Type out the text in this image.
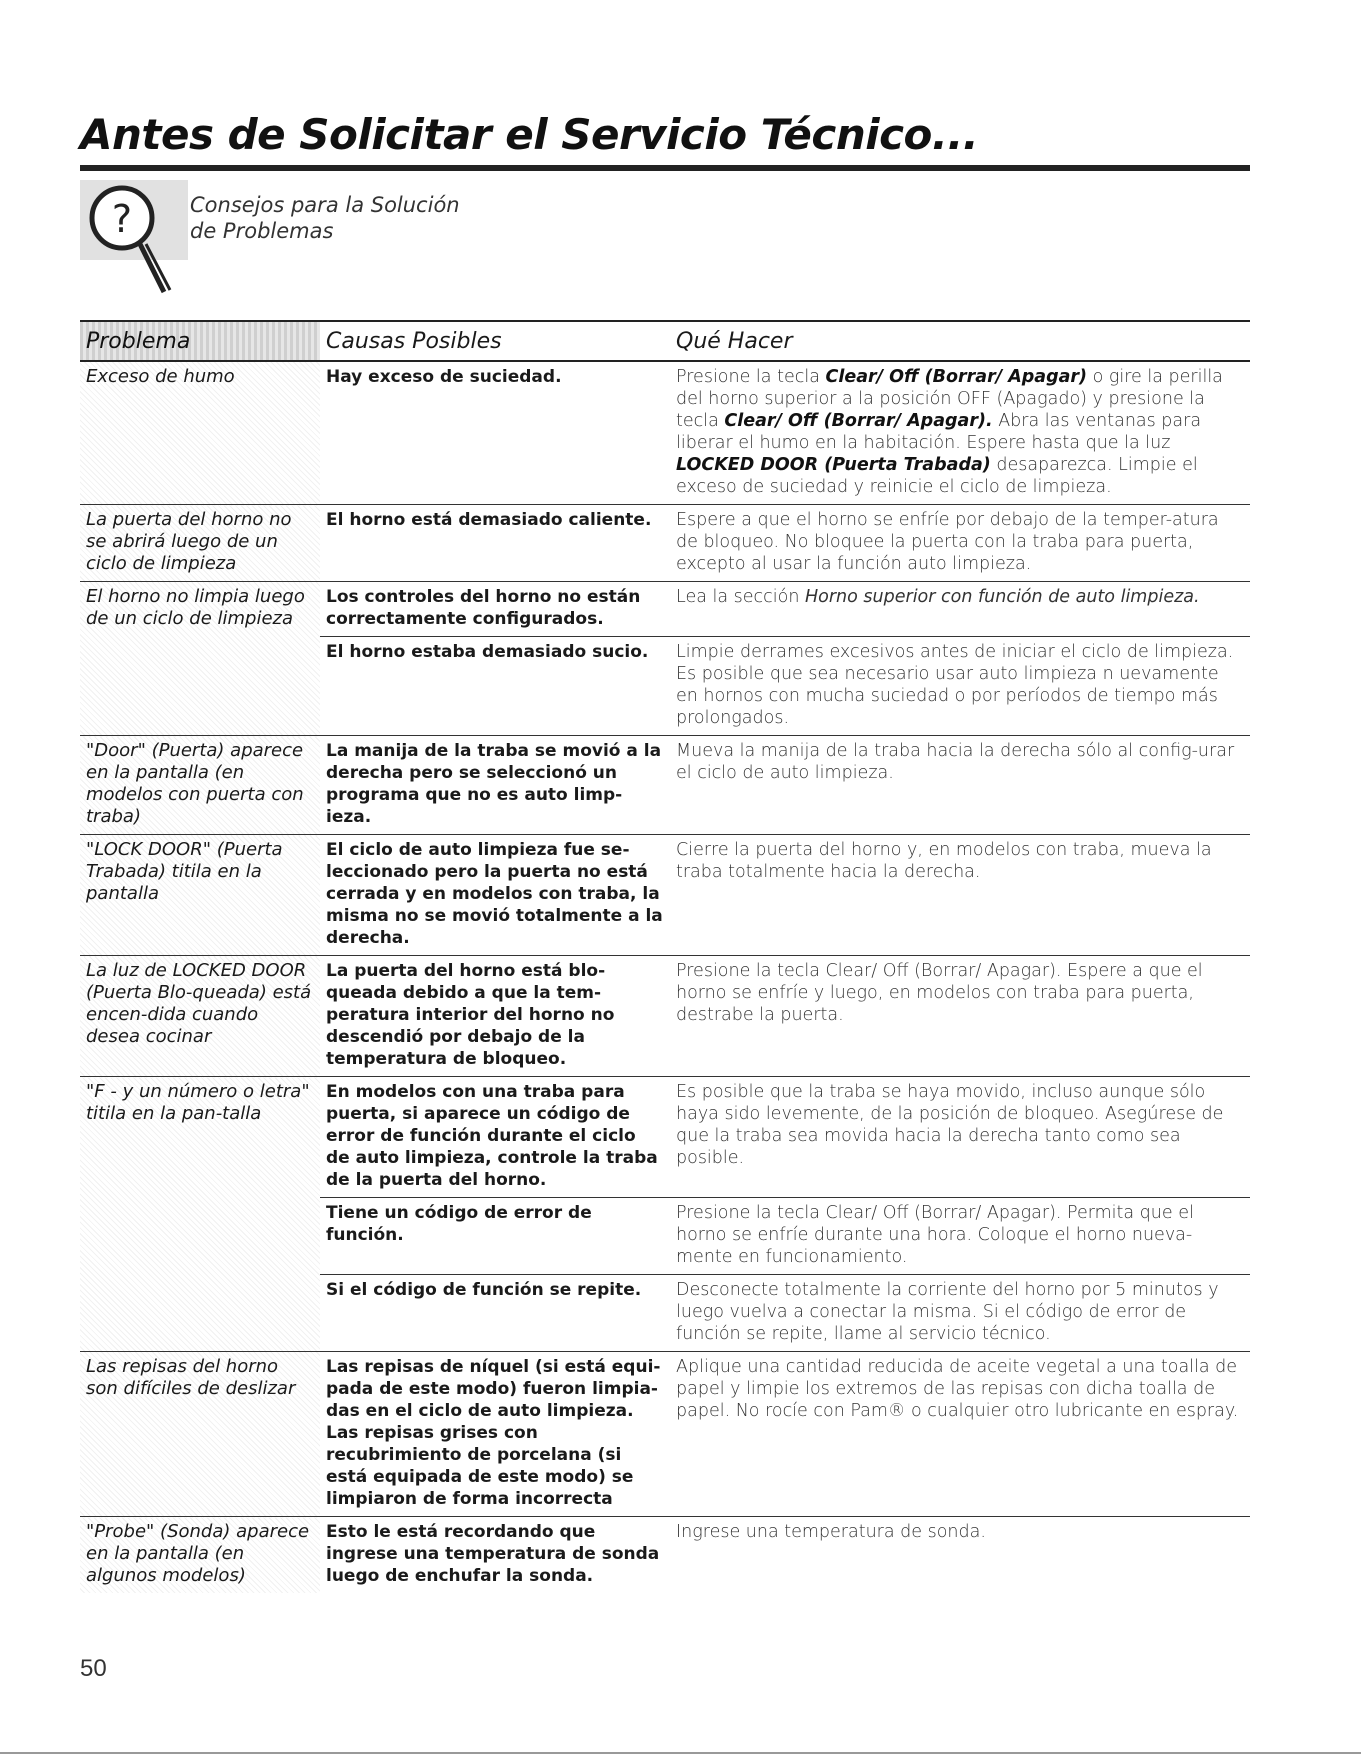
Antes de Solicitar el Servicio Técnico...
?	Consejos para la Solución
de Problemas
Problema	Causas Posibles	Qué Hacer
Exceso de humo	Hay exceso de suciedad.	Presione la tecla Clear/ Off (Borrar/ Apagar) o gire la perilla del horno superior a la posición OFF (Apagado) y presione la tecla Clear/ Off (Borrar/ Apagar). Abra las ventanas para liberar el humo en la habitación. Espere hasta que la luz LOCKED DOOR (Puerta Trabada) desaparezca. Limpie el exceso de suciedad y reinicie el ciclo de limpieza.
La puerta del horno no se abrirá luego de un ciclo de limpieza	El horno está demasiado caliente.	Espere a que el horno se enfríe por debajo de la temper-atura de bloqueo. No bloquee la puerta con la traba para puerta, excepto al usar la función auto limpieza.
El horno no limpia luego de un ciclo de limpieza	Los controles del horno no están correctamente configurados.	Lea la sección Horno superior con función de auto limpieza.
	El horno estaba demasiado sucio.	Limpie derrames excesivos antes de iniciar el ciclo de limpieza. Es posible que sea necesario usar auto limpieza n uevamente en hornos con mucha suciedad o por períodos de tiempo más prolongados.
"Door" (Puerta) aparece en la pantalla (en modelos con puerta con traba)	La manija de la traba se movió a la derecha pero se seleccionó un programa que no es auto limp-ieza.	Mueva la manija de la traba hacia la derecha sólo al config-urar el ciclo de auto limpieza.
"LOCK DOOR" (Puerta Trabada) titila en la pantalla	El ciclo de auto limpieza fue se-leccionado pero la puerta no está cerrada y en modelos con traba, la misma no se movió totalmente a la derecha.	Cierre la puerta del horno y, en modelos con traba, mueva la traba totalmente hacia la derecha.
La luz de LOCKED DOOR (Puerta Blo-queada) está encen-dida cuando desea cocinar	La puerta del horno está blo-queada debido a que la tem-peratura interior del horno no descendió por debajo de la temperatura de bloqueo.	Presione la tecla Clear/ Off (Borrar/ Apagar). Espere a que el horno se enfríe y luego, en modelos con traba para puerta, destrabe la puerta.
"F - y un número o letra" titila en la pan-talla	En modelos con una traba para puerta, si aparece un código de error de función durante el ciclo de auto limpieza, controle la traba de la puerta del horno.	Es posible que la traba se haya movido, incluso aunque sólo haya sido levemente, de la posición de bloqueo. Asegúrese de que la traba sea movida hacia la derecha tanto como sea posible.
	Tiene un código de error de función.	Presione la tecla Clear/ Off (Borrar/ Apagar). Permita que el horno se enfríe durante una hora. Coloque el horno nueva-mente en funcionamiento.
	Si el código de función se repite.	Desconecte totalmente la corriente del horno por 5 minutos y luego vuelva a conectar la misma. Si el código de error de función se repite, llame al servicio técnico.
Las repisas del horno son difíciles de deslizar	Las repisas de níquel (si está equi-pada de este modo) fueron limpia-das en el ciclo de auto limpieza. Las repisas grises con recubrimiento de porcelana (si está equipada de este modo) se limpiaron de forma incorrecta	Aplique una cantidad reducida de aceite vegetal a una toalla de papel y limpie los extremos de las repisas con dicha toalla de papel. No rocíe con Pam® o cualquier otro lubricante en espray.
"Probe" (Sonda) aparece en la pantalla (en algunos modelos)	Esto le está recordando que ingrese una temperatura de sonda luego de enchufar la sonda.	Ingrese una temperatura de sonda.
50
